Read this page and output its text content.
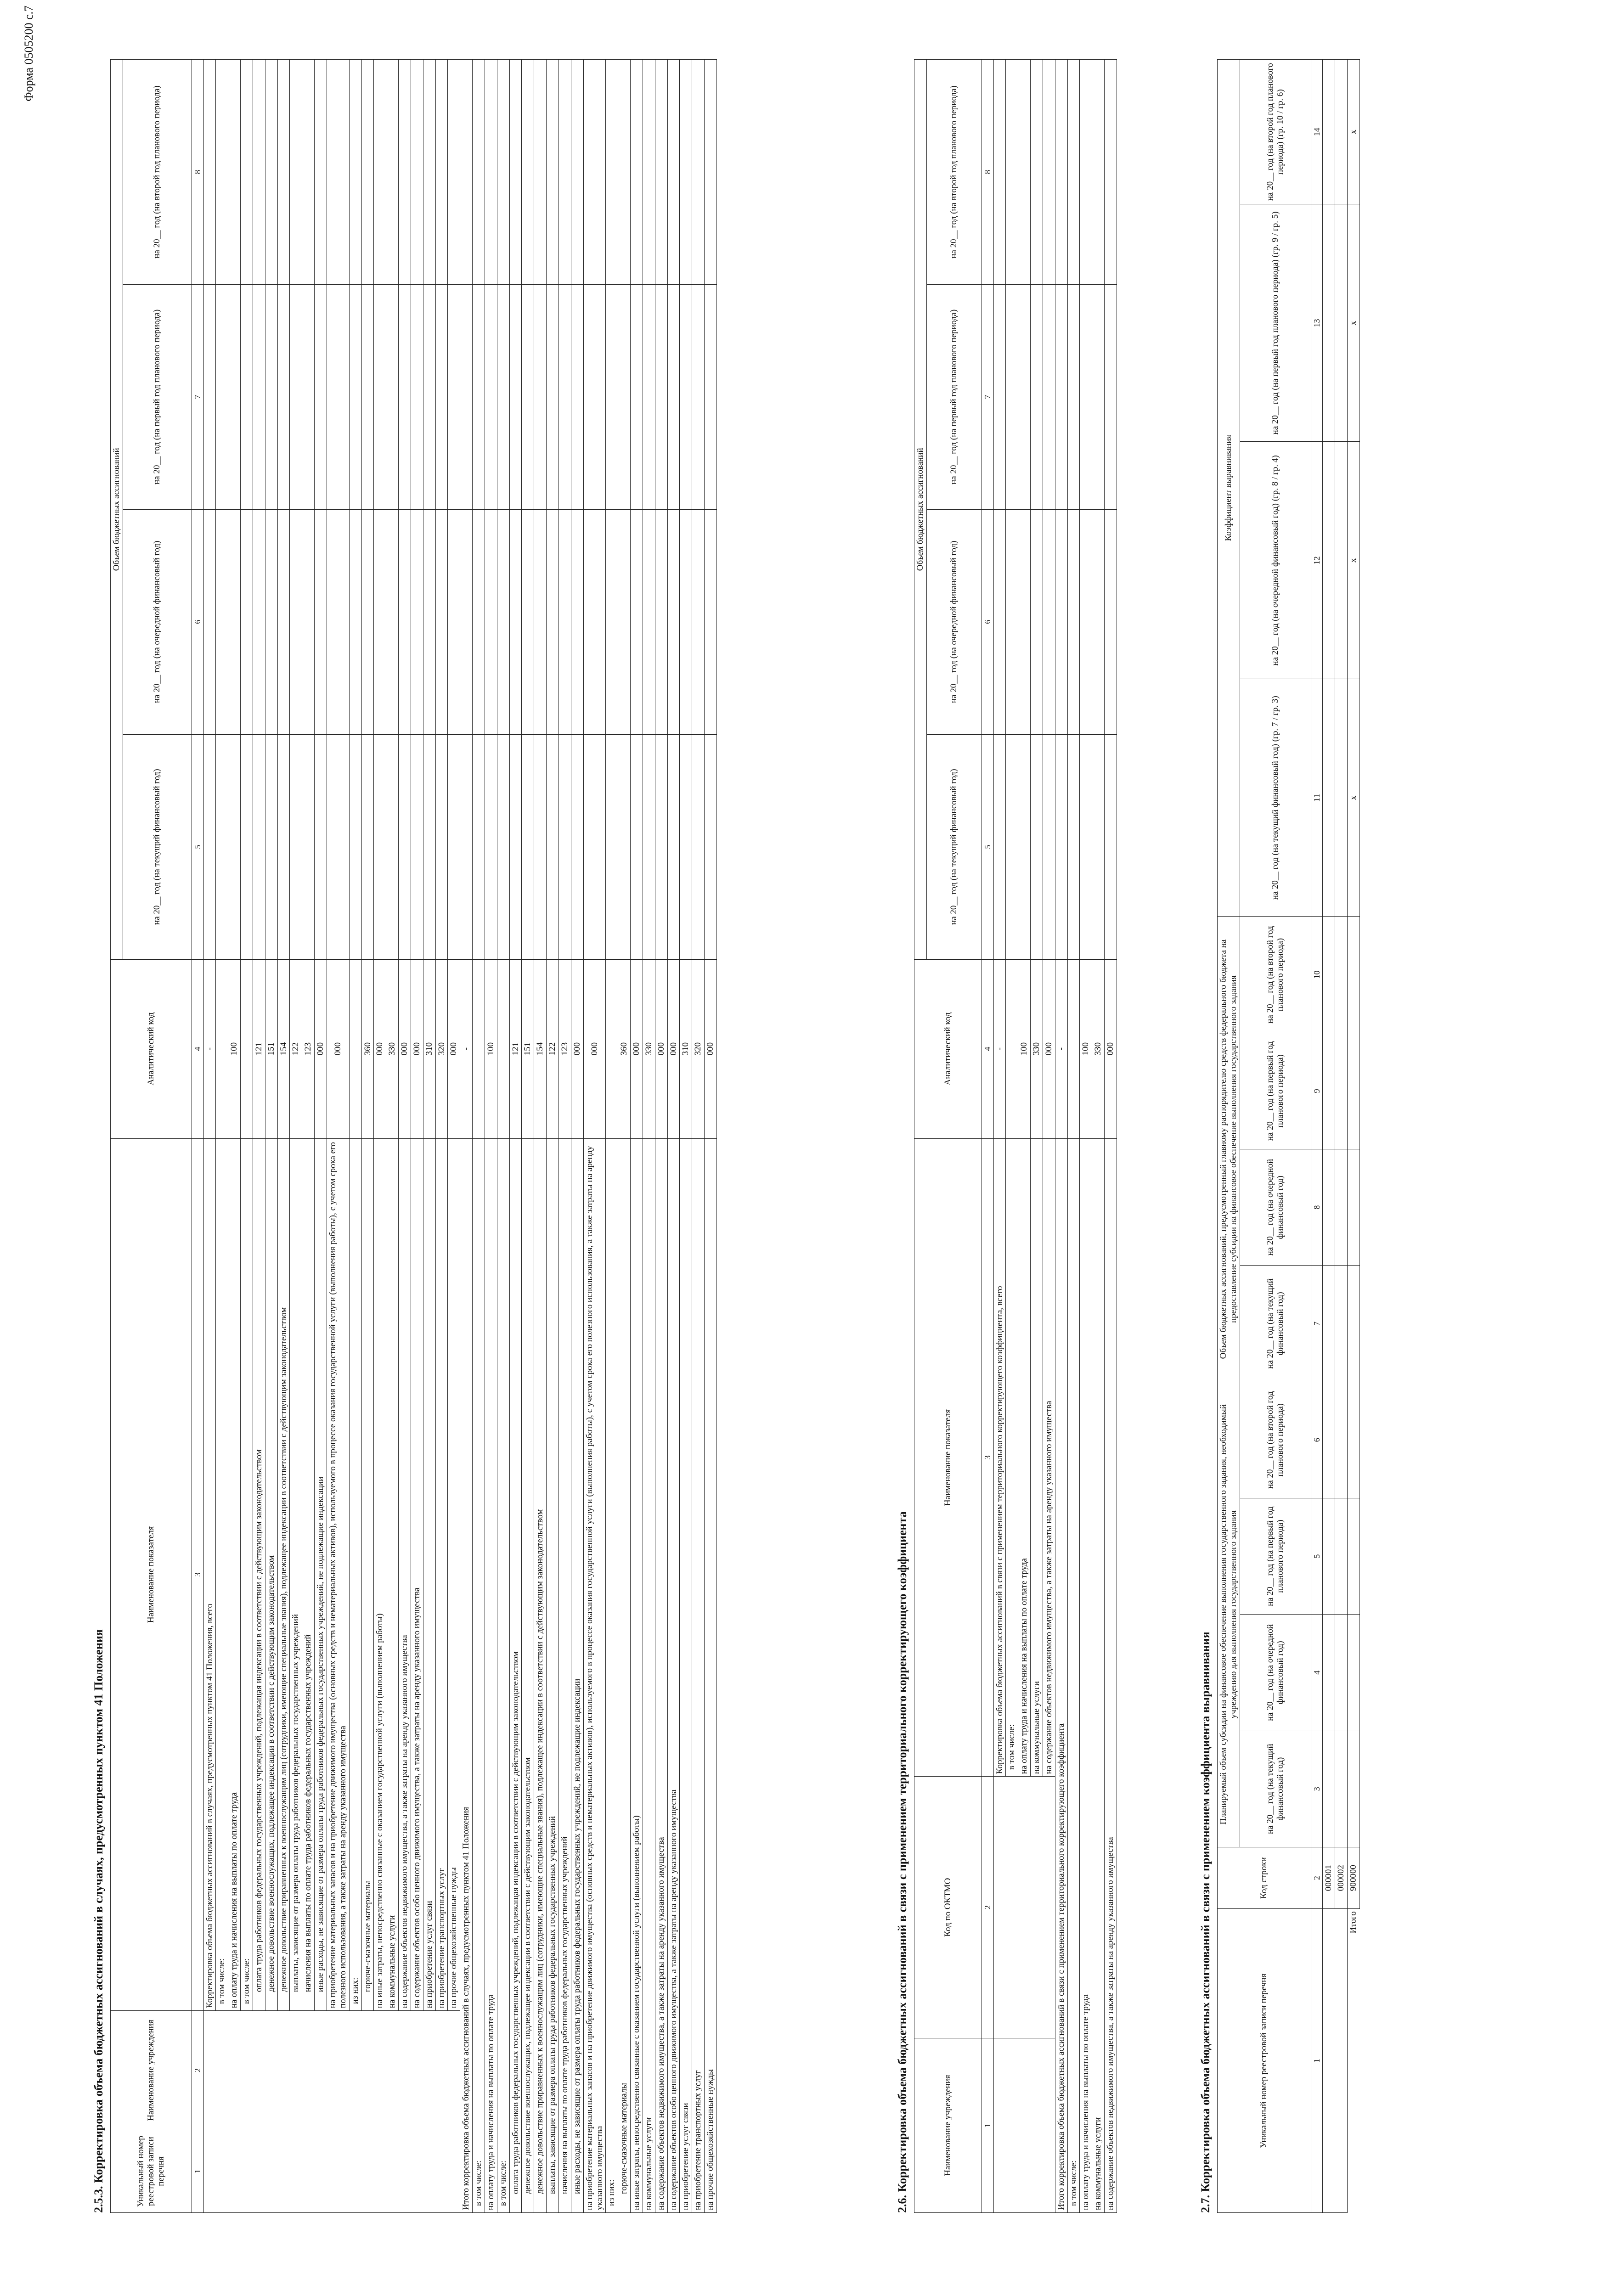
Форма 0505200 с.7
2.5.3. Корректировка объема бюджетных ассигнований в случаях, предусмотренных пунктом 41 Положения	Уникальный номер реестровой записи перечня	Наименование учреждения	Наименование показателя	Аналитический код	Объем бюджетных ассигнований			
				на 20__ год (на текущий финансовый год)	на 20__ год (на очередной финансовый год)	на 20__ год (на первый год планового периода)	на 20__ год (на второй год планового периода)
1	2	3	4	5	6	7	8
		Корректировка объема бюджетных ассигнований в случаях, предусмотренных пунктом 41 Положения, всего	-				
		в том числе:					
		на оплату труда и начисления на выплаты по оплате труда	100				
		в том числе:					
		оплата труда работников федеральных государственных учреждений, подлежащая индексации в соответствии с действующим законодательством	121				
		денежное довольствие военнослужащих, подлежащее индексации в соответствии с действующим законодательством	151				
		денежное довольствие приравненных к военнослужащим лиц (сотрудники, имеющие специальные звания), подлежащее индексации в соответствии с действующим законодательством	154				
		выплаты, зависящие от размера оплаты труда работников федеральных государственных учреждений	122				
		начисления на выплаты по оплате труда работников федеральных государственных учреждений	123				
		иные расходы, не зависящие от размера оплаты труда работников федеральных государственных учреждений, не подлежащие индексации	000				
		на приобретение материальных запасов и на приобретение движимого имущества (основных средств и нематериальных активов), используемого в процессе оказания государственной услуги (выполнения работы), с учетом срока его полезного использования, а также затраты на аренду указанного имущества	000				
		из них:					
		горюче-смазочные материалы	360				
		на иные затраты, непосредственно связанные с оказанием государственной услуги (выполнением работы)	000				
		на коммунальные услуги	330				
		на содержание объектов недвижимого имущества, а также затраты на аренду указанного имущества	000				
		на содержание объектов особо ценного движимого имущества, а также затраты на аренду указанного имущества	000				
		на приобретение услуг связи	310				
		на приобретение транспортных услуг	320				
		на прочие общехозяйственные нужды	000				
Итого корректировка объема бюджетных ассигнований в случаях, предусмотренных пунктом 41 Положения			-				
в том числе:							
на оплату труда и начисления на выплаты по оплате труда			100				
в том числе:							
оплата труда работников федеральных государственных учреждений, подлежащая индексации в соответствии с действующим законодательством			121				
денежное довольствие военнослужащих, подлежащее индексации в соответствии с действующим законодательством			151				
денежное довольствие приравненных к военнослужащим лиц (сотрудники, имеющие специальные звания), подлежащее индексации в соответствии с действующим законодательством			154				
выплаты, зависящие от размера оплаты труда работников федеральных государственных учреждений			122				
начисления на выплаты по оплате труда работников федеральных государственных учреждений			123				
иные расходы, не зависящие от размера оплаты труда работников федеральных государственных учреждений, не подлежащие индексации			000				
на приобретение материальных запасов и на приобретение движимого имущества (основных средств и нематериальных активов), используемого в процессе оказания государственной услуги (выполнения работы), с учетом срока его полезного использования, а также затраты на аренду указанного имущества			000				
из них:							
горюче-смазочные материалы			360				
на иные затраты, непосредственно связанные с оказанием государственной услуги (выполнением работы)			000				
на коммунальные услуги			330				
на содержание объектов недвижимого имущества, а также затраты на аренду указанного имущества			000				
на содержание объектов особо ценного движимого имущества, а также затраты на аренду указанного имущества			000				
на приобретение услуг связи			310				
на приобретение транспортных услуг			320				
на прочие общехозяйственные нужды			000				
2.6. Корректировка объема бюджетных ассигнований в связи с применением территориального корректирующего коэффициента	Наименование учреждения	Код по ОКТМО	Наименование показателя	Аналитический код	Объем бюджетных ассигнований			
				на 20__ год (на текущий финансовый год)	на 20__ год (на очередной финансовый год)	на 20__ год (на первый год планового периода)	на 20__ год (на второй год планового периода)
1	2	3	4	5	6	7	8
		Корректировка объема бюджетных ассигнований в связи с применением территориального корректирующего коэффициента, всего	-				
		в том числе:					
		на оплату труда и начисления на выплаты по оплате труда	100				
		на коммунальные услуги	330				
		на содержание объектов недвижимого имущества, а также затраты на аренду указанного имущества	000				
Итого корректировка объема бюджетных ассигнований в связи с применением территориального корректирующего коэффициента			-				
в том числе:							
на оплату труда и начисления на выплаты по оплате труда			100				
на коммунальные услуги			330				
на содержание объектов недвижимого имущества, а также затраты на аренду указанного имущества			000				
2.7. Корректировка объема бюджетных ассигнований в связи с применением коэффициента выравнивания	Уникальный номер реестровой записи перечня	Код строки	Планируемый объем субсидии на финансовое обеспечение выполнения государственного задания, необходимый учреждению для выполнения государственного задания				Объем бюджетных ассигнований, предусмотренный главному распорядителю средств федерального бюджета на предоставление субсидии на финансовое обеспечение выполнения государственного задания				Коэффициент выравнивания			
		на 20__ год (на текущий финансовый год)	на 20__ год (на очередной финансовый год)	на 20__ год (на первый год планового периода)	на 20__ год (на второй год планового периода)	на 20__ год (на текущий финансовый год)	на 20__ год (на очередной финансовый год)	на 20__ год (на первый год планового периода)	на 20__ год (на второй год планового периода)	на 20__ год (на текущий финансовый год) (гр. 7 / гр. 3)	на 20__ год (на очередной финансовый год) (гр. 8 / гр. 4)	на 20__ год (на первый год планового периода) (гр. 9 / гр. 5)	на 20__ год (на второй год планового периода) (гр. 10 / гр. 6)
1	2	3	4	5	6	7	8	9	10	11	12	13	14
	000001												
	000002												
Итого	900000									x	x	x	x
